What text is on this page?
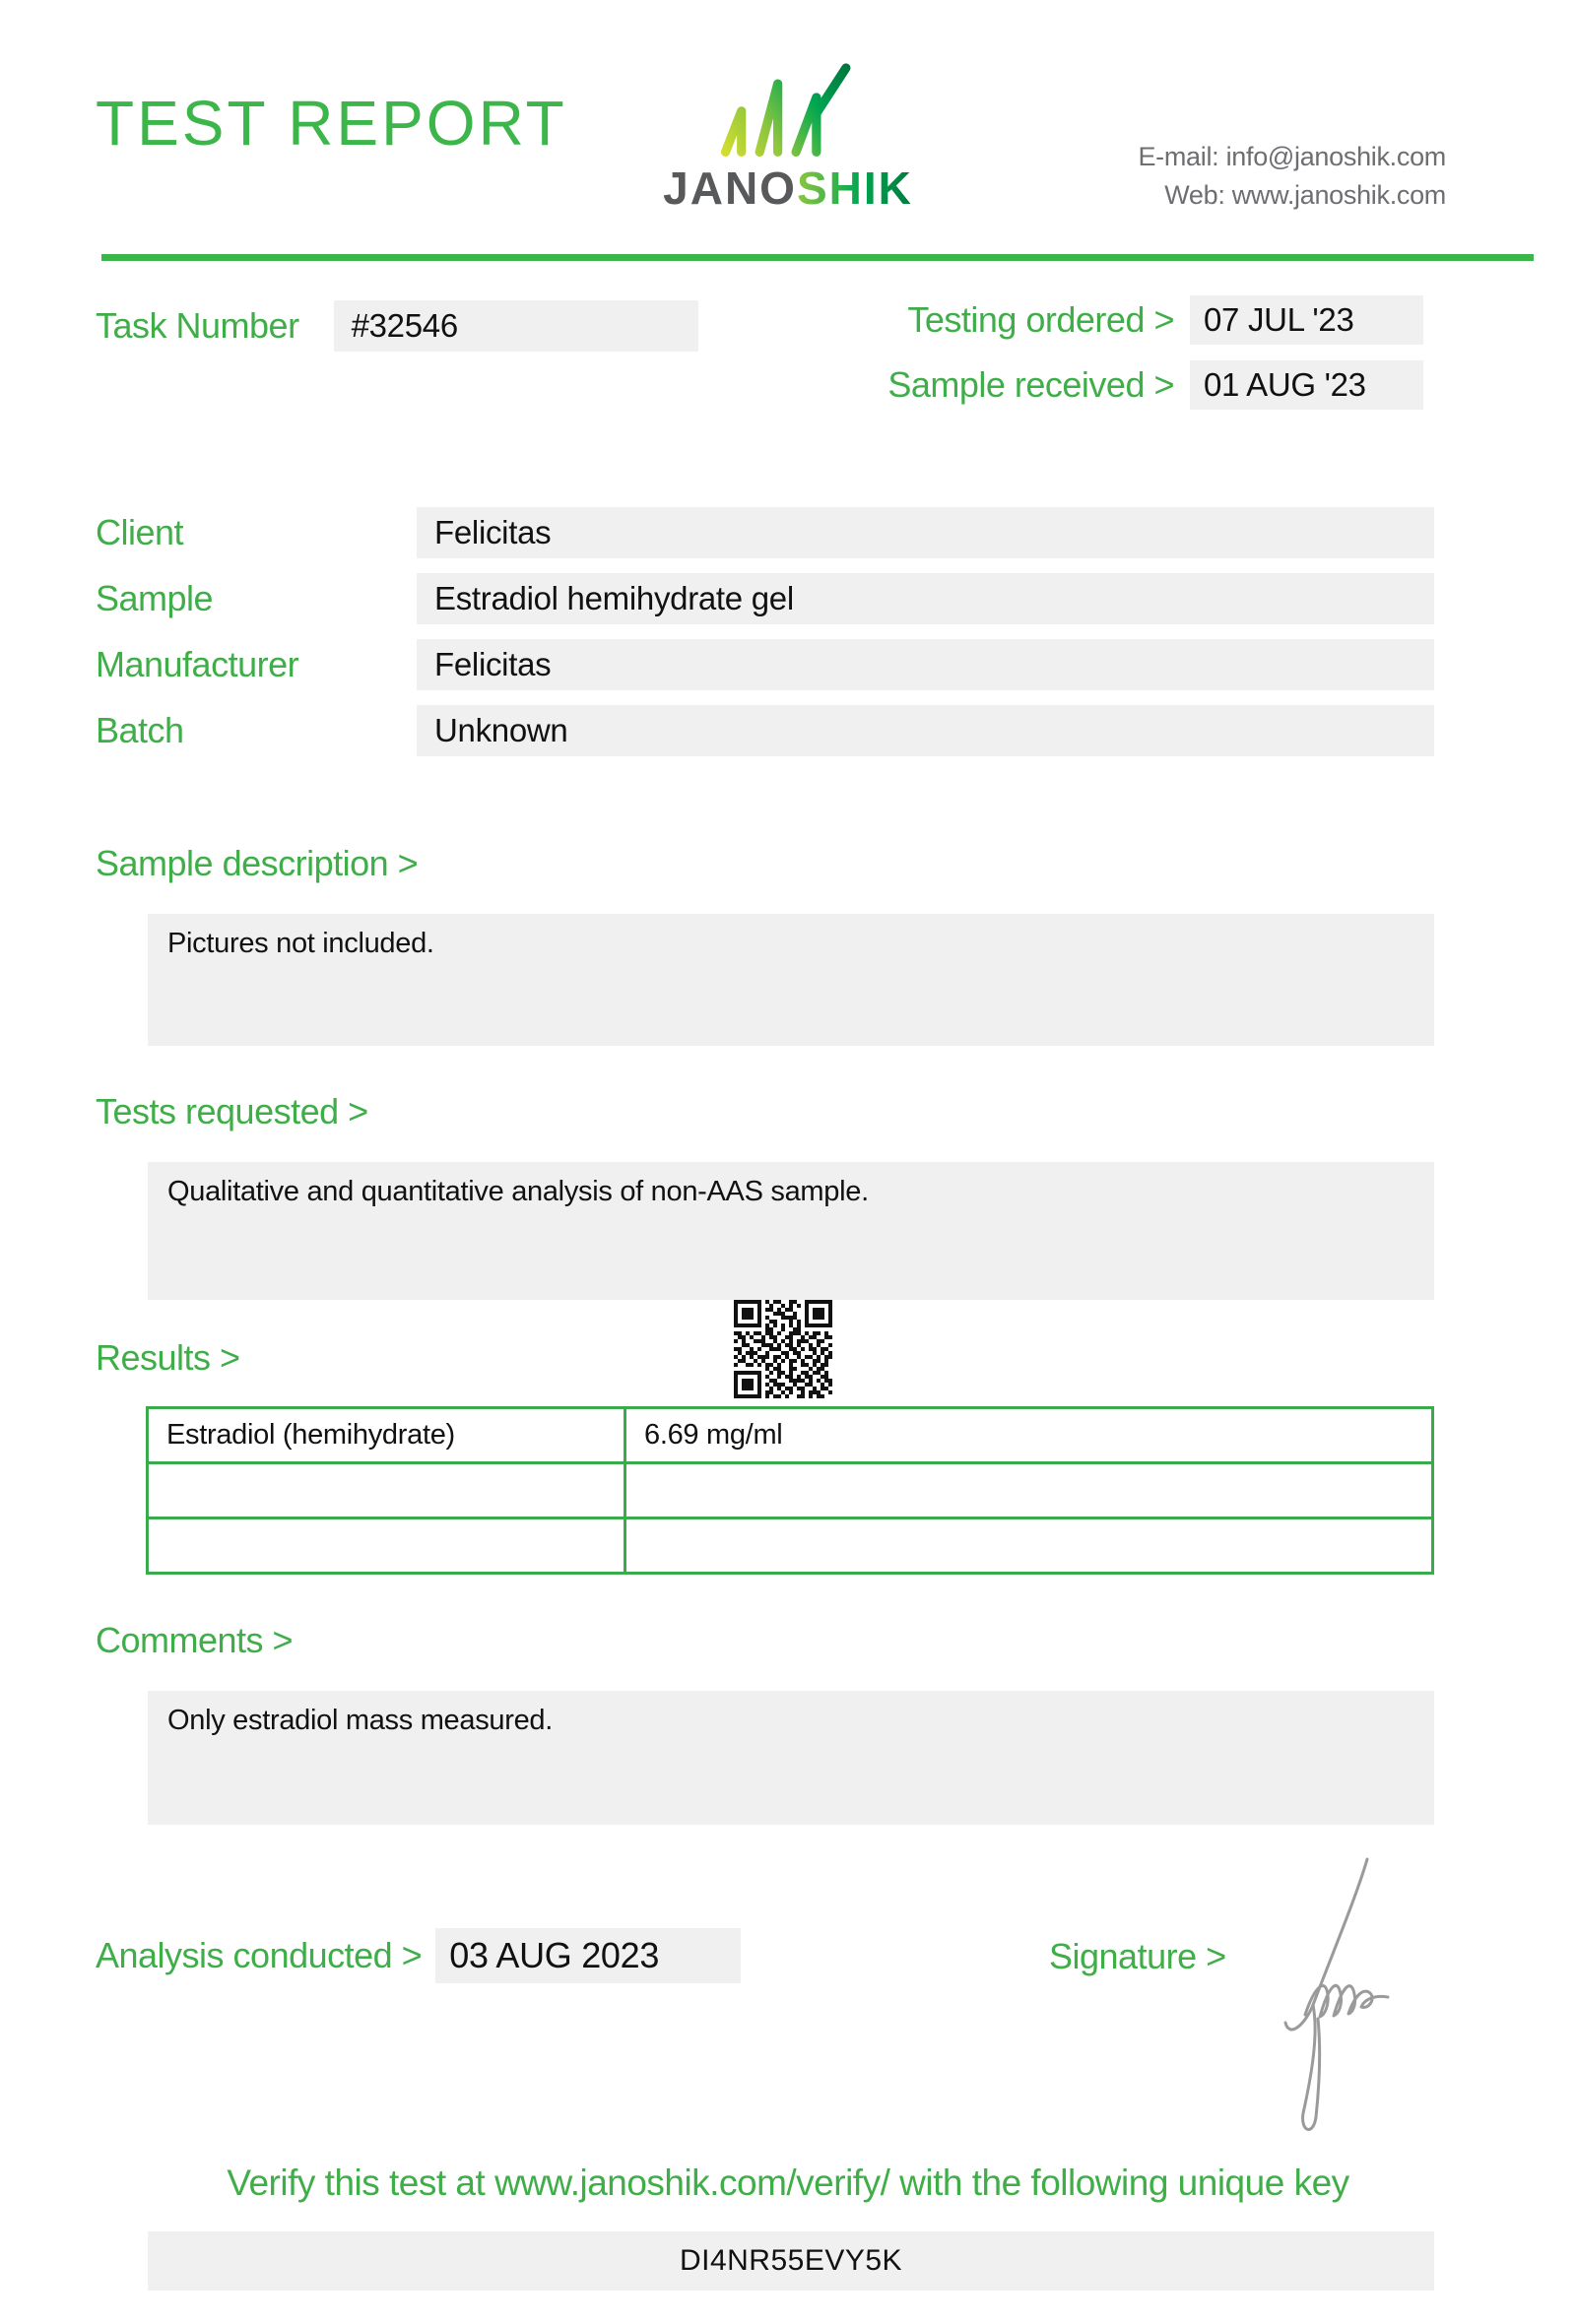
TEST REPORT
JANOSHIK
E-mail: info@janoshik.com
Web: www.janoshik.com
Task Number	#32546	Testing ordered > 07 JUL '23
Sample received > 01 AUG '23
Client	Felicitas
Sample	Estradiol hemihydrate gel
Manufacturer	Felicitas
Batch	Unknown
Sample description >
Pictures not included.
Tests requested >
Qualitative and quantitative analysis of non-AAS sample.
Results >
Estradiol (hemihydrate)	6.69 mg/ml

Comments >
Only estradiol mass measured.
Analysis conducted > 03 AUG 2023	Signature >
Verify this test at www.janoshik.com/verify/ with the following unique key
DI4NR55EVY5K
